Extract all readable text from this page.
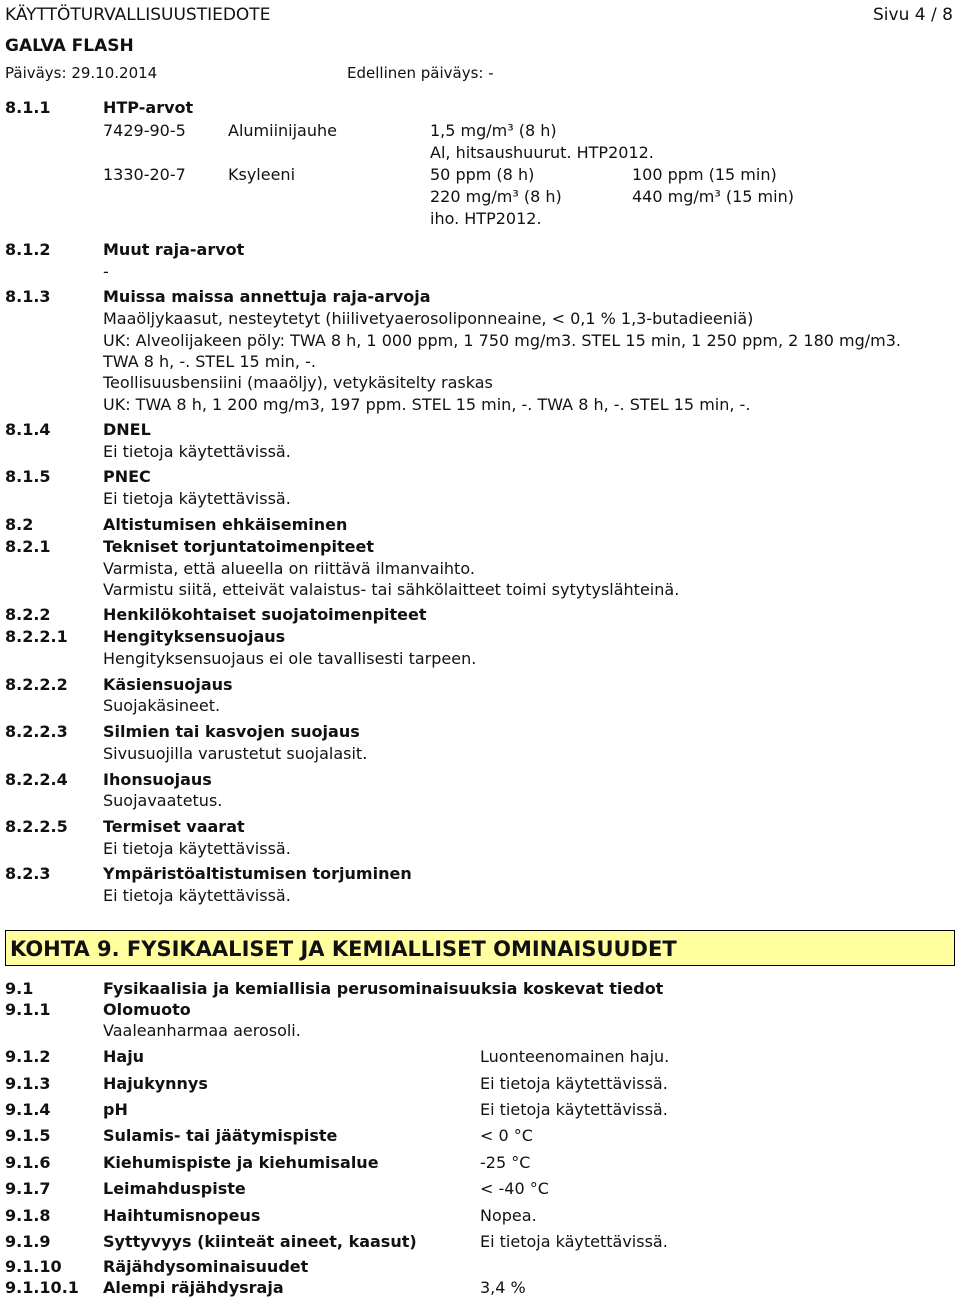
KÄYTTÖTURVALLISUUSTIEDOTE	Sivu 4 / 8
GALVA FLASH
Päiväys: 29.10.2014	Edellinen päiväys: -
8.1.1	HTP-arvot
7429-90-5	Alumiinijauhe	1,5 mg/m³ (8 h)
Al, hitsaushuurut. HTP2012.
1330-20-7	Ksyleeni	50 ppm (8 h)	100 ppm (15 min)
220 mg/m³ (8 h)	440 mg/m³ (15 min)
iho. HTP2012.
8.1.2	Muut raja-arvot
-
8.1.3	Muissa maissa annettuja raja-arvoja
Maaöljykaasut, nesteytetyt (hiilivetyaerosoliponneaine, < 0,1 % 1,3-butadieeniä)
UK: Alveolijakeen pöly: TWA 8 h, 1 000 ppm, 1 750 mg/m3. STEL 15 min, 1 250 ppm, 2 180 mg/m3.
TWA 8 h, -. STEL 15 min, -.
Teollisuusbensiini (maaöljy), vetykäsitelty raskas
UK: TWA 8 h, 1 200 mg/m3, 197 ppm. STEL 15 min, -. TWA 8 h, -. STEL 15 min, -.
8.1.4	DNEL
Ei tietoja käytettävissä.
8.1.5	PNEC
Ei tietoja käytettävissä.
8.2	Altistumisen ehkäiseminen
8.2.1	Tekniset torjuntatoimenpiteet
Varmista, että alueella on riittävä ilmanvaihto.
Varmistu siitä, etteivät valaistus- tai sähkölaitteet toimi sytytyslähteinä.
8.2.2	Henkilökohtaiset suojatoimenpiteet
8.2.2.1 Hengityksensuojaus
Hengityksensuojaus ei ole tavallisesti tarpeen.
8.2.2.2 Käsiensuojaus
Suojakäsineet.
8.2.2.3 Silmien tai kasvojen suojaus
Sivusuojilla varustetut suojalasit.
8.2.2.4 Ihonsuojaus
Suojavaatetus.
8.2.2.5 Termiset vaarat
Ei tietoja käytettävissä.
8.2.3	Ympäristöaltistumisen torjuminen
Ei tietoja käytettävissä.
KOHTA 9. FYSIKAALISET JA KEMIALLISET OMINAISUUDET
9.1	Fysikaalisia ja kemiallisia perusominaisuuksia koskevat tiedot
9.1.1	Olomuoto
Vaaleanharmaa aerosoli.
9.1.2	Haju	Luonteenomainen haju.
9.1.3	Hajukynnys	Ei tietoja käytettävissä.
9.1.4	pH	Ei tietoja käytettävissä.
9.1.5	Sulamis- tai jäätymispiste	< 0 °C
9.1.6	Kiehumispiste ja kiehumisalue	-25 °C
9.1.7	Leimahduspiste	< -40 °C
9.1.8	Haihtumisnopeus	Nopea.
9.1.9	Syttyvyys (kiinteät aineet, kaasut)	Ei tietoja käytettävissä.
9.1.10	Räjähdysominaisuudet
9.1.10.1 Alempi räjähdysraja	3,4 %
